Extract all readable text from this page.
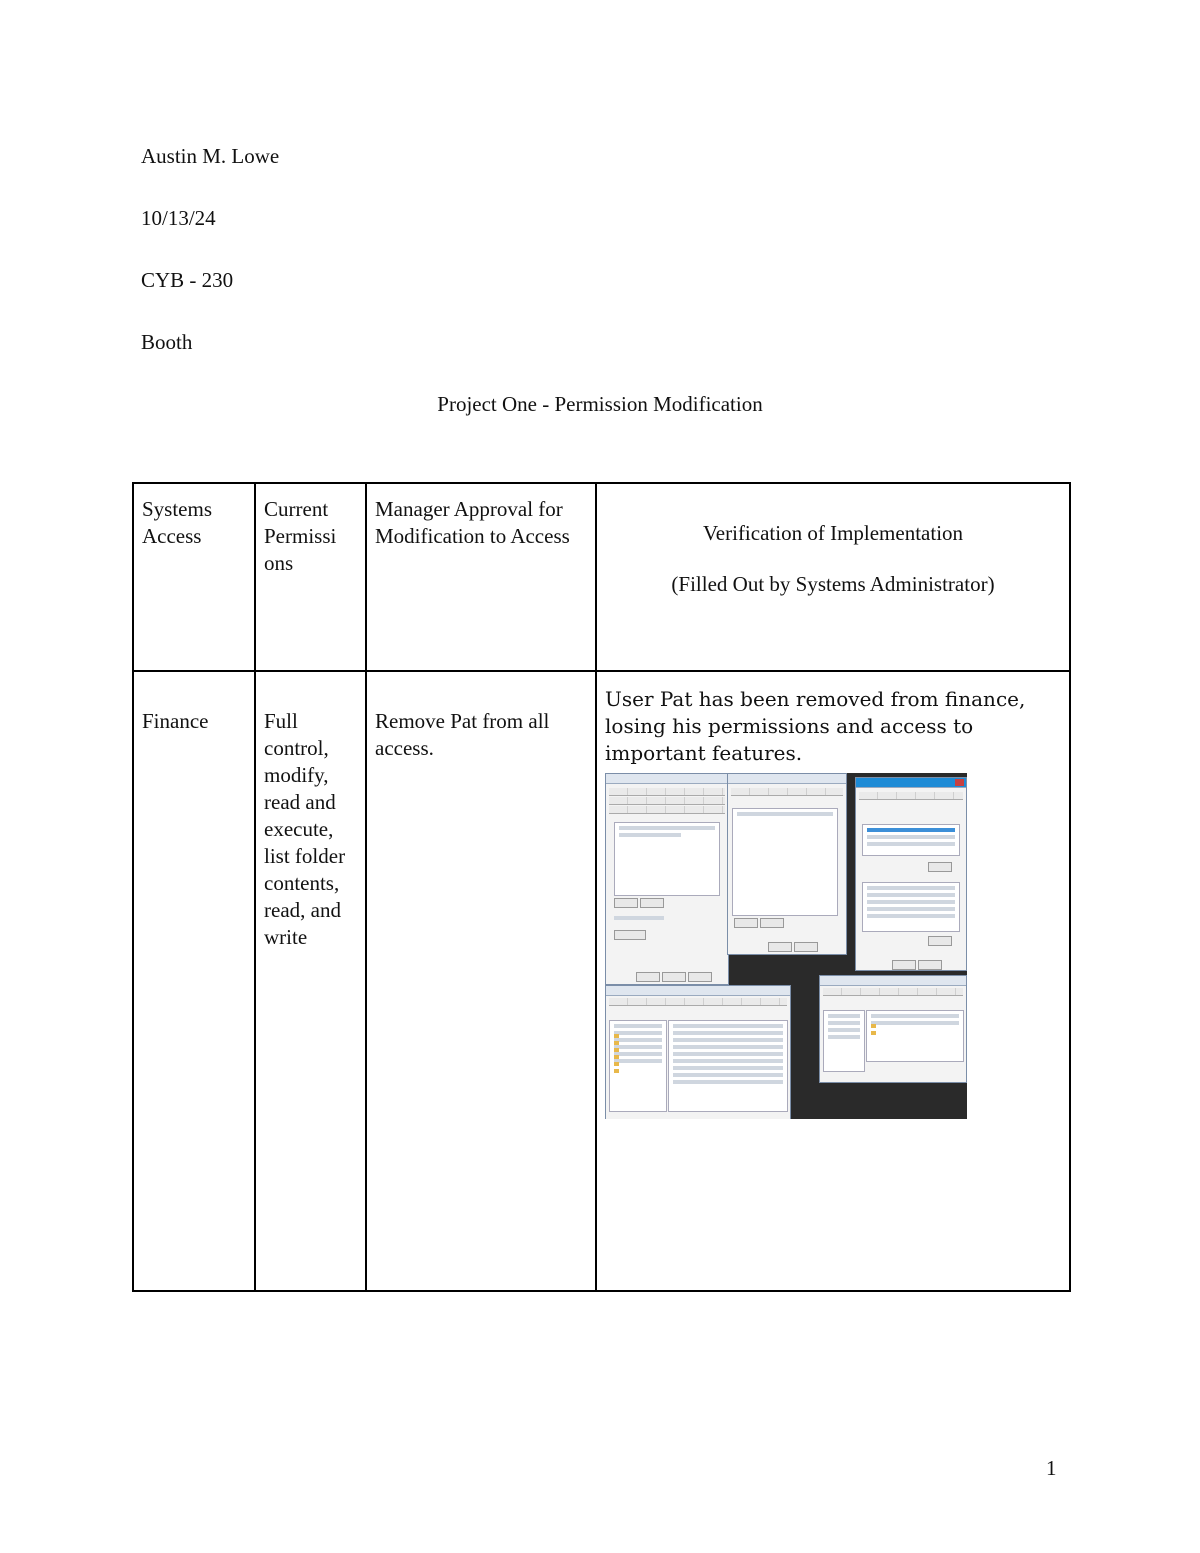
Austin M. Lowe
10/13/24
CYB - 230
Booth
Project One - Permission Modification
Systems Access	Current Permissi ons	Manager Approval for Modification to Access	Verification of Implementation

(Filled Out by Systems Administrator)

Finance	Full control, modify, read and execute, list folder contents, read, and write	Remove Pat from all access.	User Pat has been removed from finance, losing his permissions and access to important features.
1
